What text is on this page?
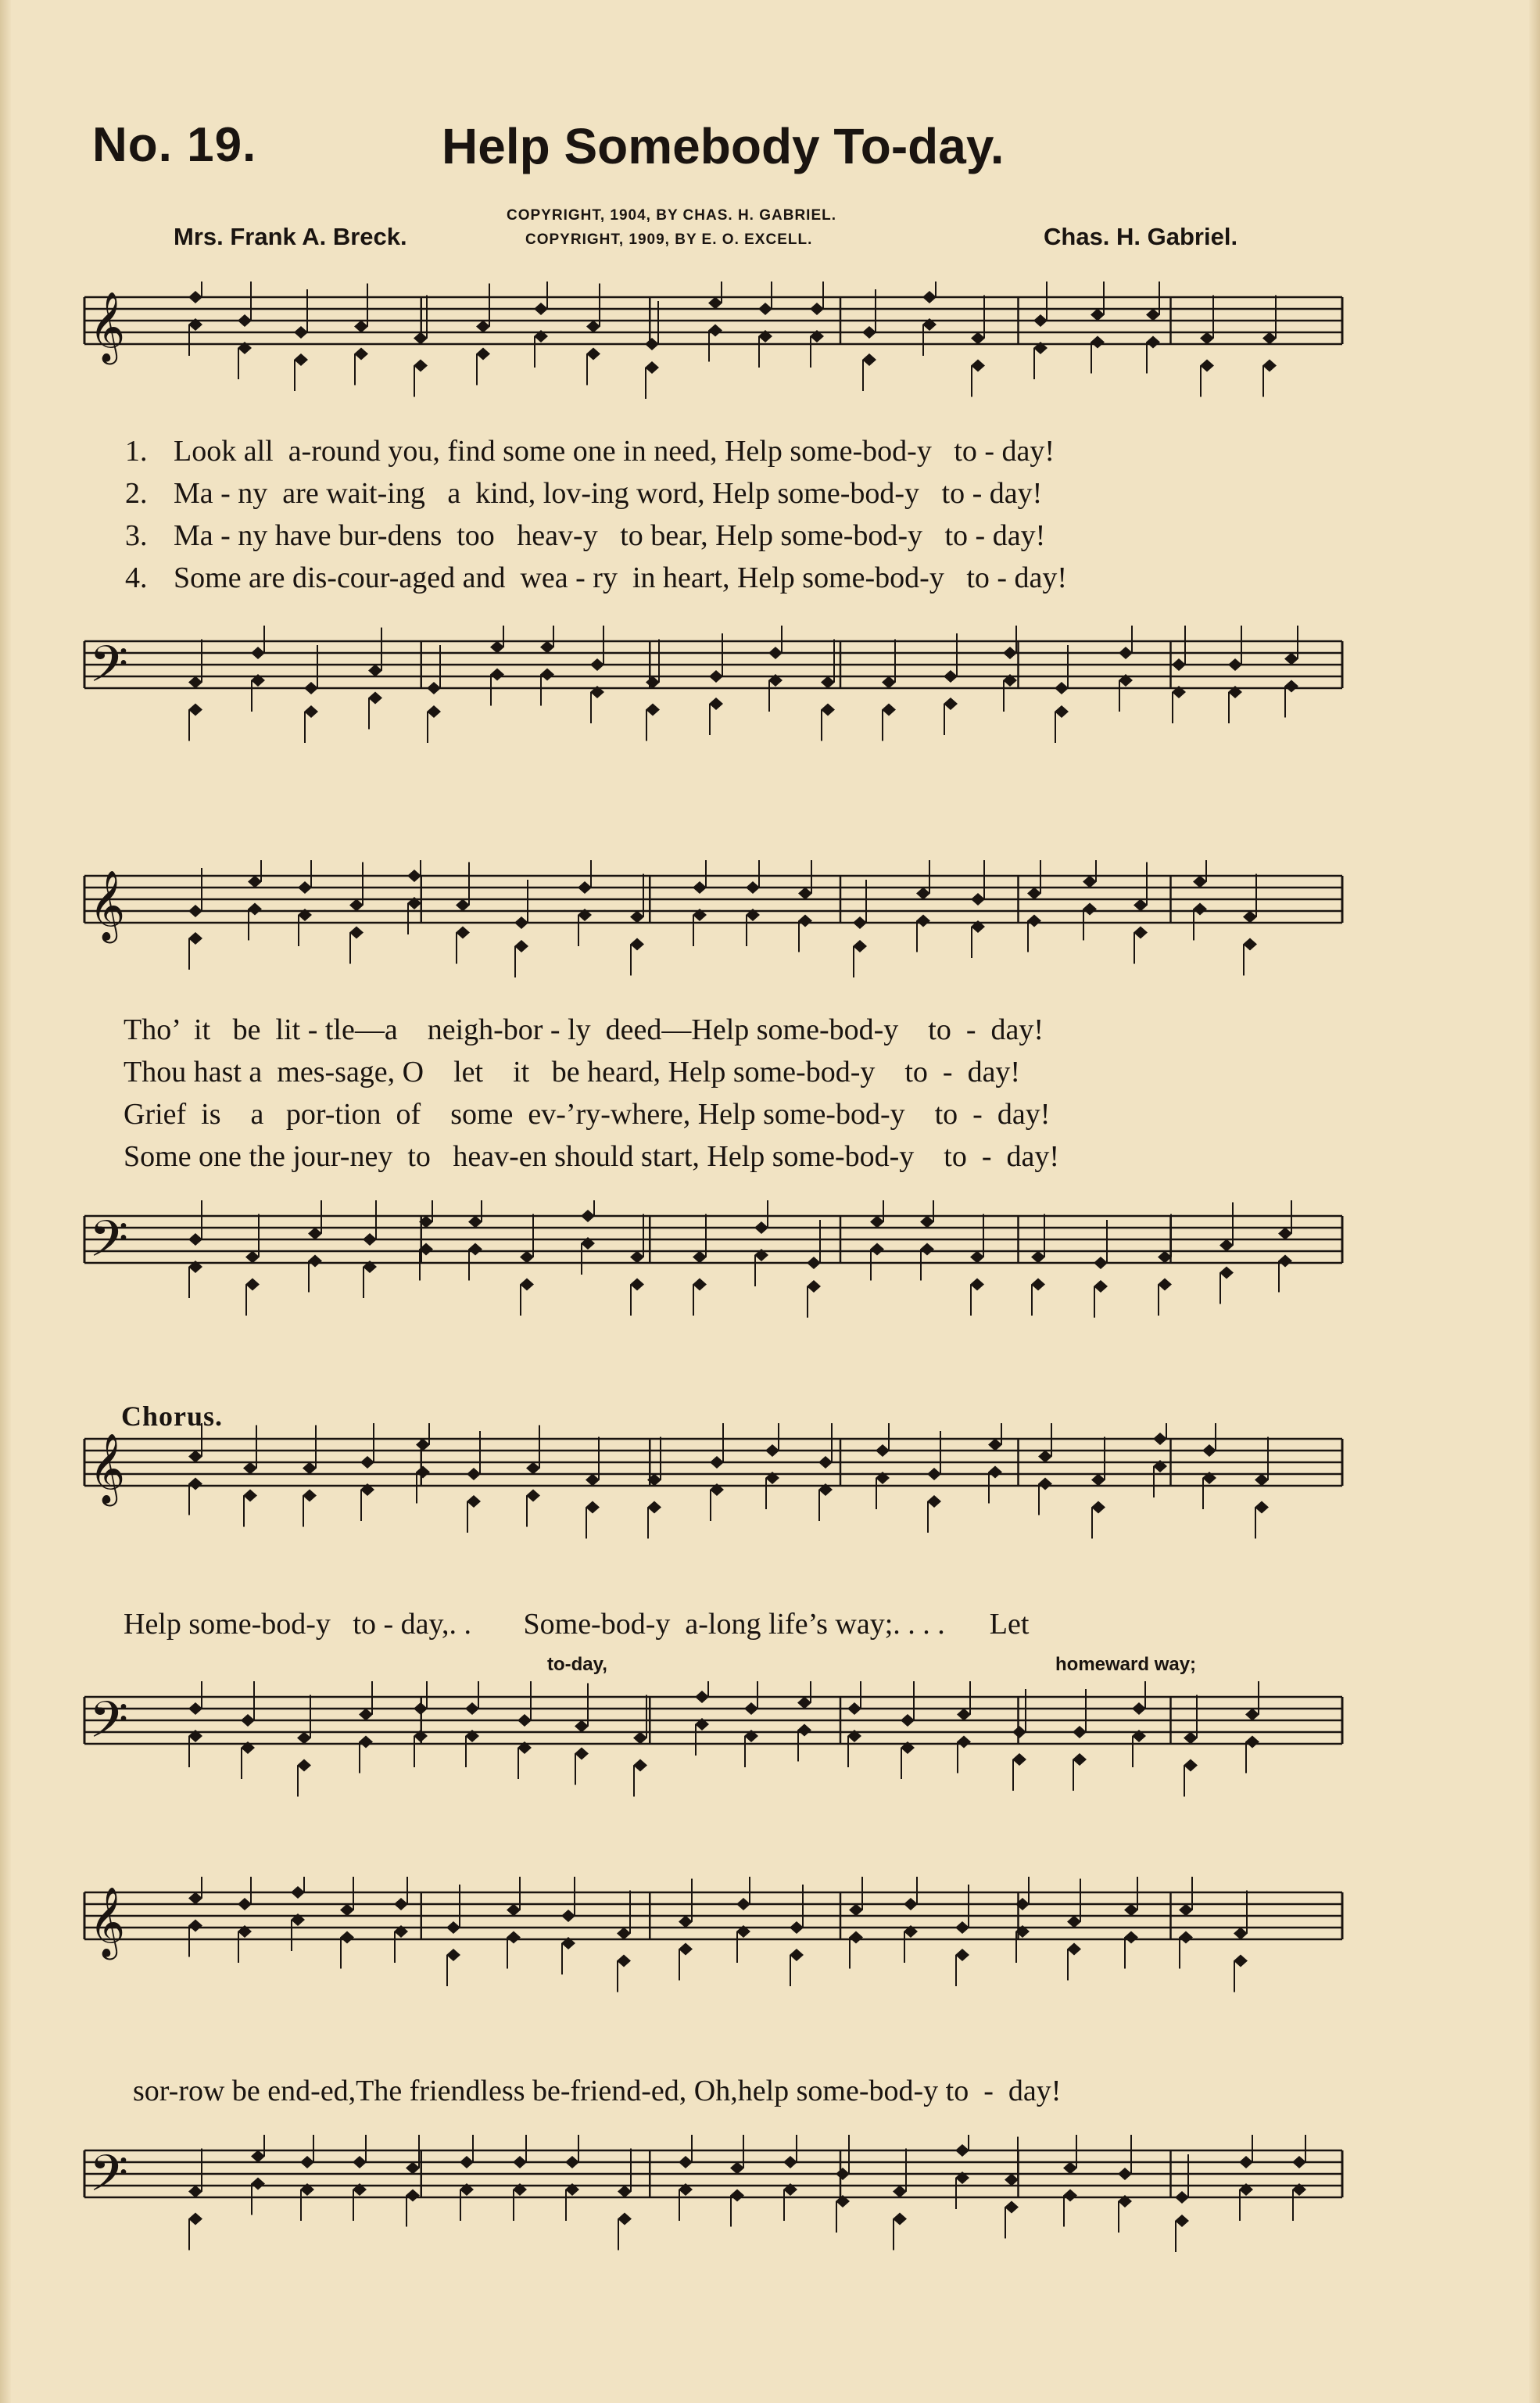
No. 19.	Help Somebody To-day.
COPYRIGHT, 1904, BY CHAS. H. GABRIEL.
COPYRIGHT, 1909, BY E. O. EXCELL.
Mrs. Frank A. Breck.	Chas. H. Gabriel.
𝄞
1. Look all  a-round you, find some one in need, Help some-bod-y   to - day!
2. Ma - ny  are wait-ing   a  kind, lov-ing word, Help some-bod-y   to - day!
3. Ma - ny have bur-dens  too   heav-y   to bear, Help some-bod-y   to - day!
4. Some are dis-cour-aged and  wea - ry  in heart, Help some-bod-y   to - day!
𝄢
𝄞
Tho’  it   be  lit - tle—a    neigh-bor - ly  deed—Help some-bod-y    to  -  day!
Thou hast a  mes-sage, O    let    it   be heard, Help some-bod-y    to  -  day!
Grief  is    a   por-tion  of    some  ev-’ry-where, Help some-bod-y    to  -  day!
Some one the jour-ney  to   heav-en should start, Help some-bod-y    to  -  day!
𝄢
Chorus.
𝄞
Help some-bod-y   to - day,. .       Some-bod-y  a-long life’s way;. . . .      Let
to-day,	homeward way;
𝄢
𝄞
sor-row be end-ed,The friendless be-friend-ed, Oh,help some-bod-y to  -  day!
𝄢
